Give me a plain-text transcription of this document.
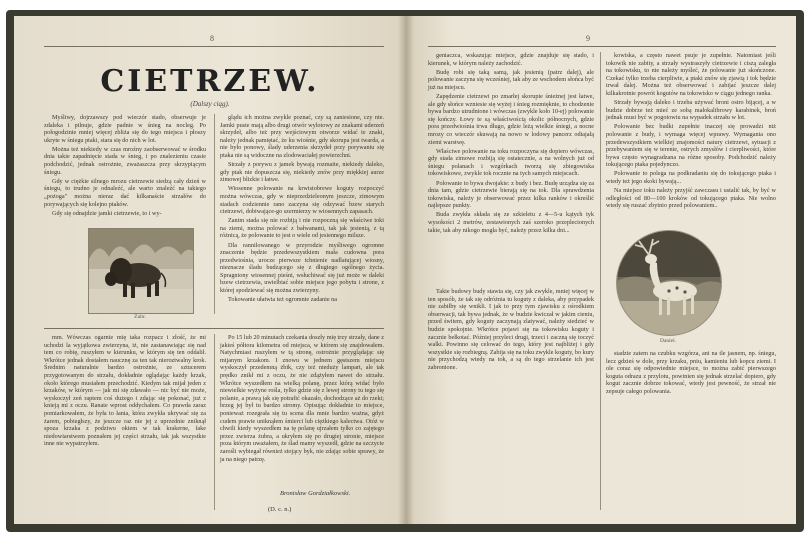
8
CIETRZEW.
(Dalszy ciąg).

Myśliwy, dojrzawszy pod wieczór stado, obserwuje je zdaleka i pilnuje, gdzie padnie w śnieg na nocleg. Po połogodzinie mniej więcej zbliża się do tego miejsca i płoszy ukryte w śniegu ptaki, stara się do nich w lot.

Można też niekiedy w czas mroźny zaobserwować w środku dnia takie zapadnięcie stada w śnieg, i po znalezieniu czasie podchodzić, jednak ostrożnie, zważaszcza przy skrzypiącym śniegu.

Gdy w ciężkie silnego mrozu cietrzewie siedzą cały dzień w śniegu, to trudno je odnaleźć, ale warto znaleźć na takiego „pożoga" można nieraz dać kilkanaście strzałów do porywających się kolejno ptaków.

Gdy się odnajdzie jamki cietrzewie, to i wy-

Żubr.

glądu ich można zwykle poznać, czy są zaniesione, czy nie. Jamki puste mają albo drugi otwór wylotowy ze znakami uderzeń skrzydeł, albo też przy wejściowym otworze widać te znaki, należy jednak pamiętać, że ku wiośnie, gdy skorupa jest twarda, a nie było ponowy, ślady uderzenia skrzydeł przy porywaniu się ptaka nie są widoczne na zlodowaciałej powierzchni.

Strzały z porywu z jamek bywają rozmaite, niekiedy daleko, gdy ptak nie dopuszcza się, niekiedy znów przy miękkiej aurze zimowej blizkie i łatwe.

Wiosenne polowanie na krwistobrewe koguty rozpoczyć można wówczas, gdy w nieprzedzieleonym jeszcze, zimowym stadach codziennie rano zaczyna się odzywać bzew starych cietrzewi, dobiwające-go szermierzy w wiosennych zapasach.

Zanim stada się nie rozbiją i nie rozpoczną się właściwe toki na ziemi, można polować z bałwanami, tak jak jesienią, z tą różnicą, że polowanie to jest o wiele od jesiennego milsze.

Dla rannilowanego w przyrodzie myśliwego ogromne znaczenie będzie przedewszystkiem mała cudowna pora przedwiośnia, urocze pierwsze tchnienie nadlatującej wiosny, nieznacze śladu budzącego się z długiego ogólnego życia. Spragniony wiosennej pieśni, wsłuchiwać się już może w daleki bzew cietrzewia, uwielbiać sobie miejsce jego pobytu i strone, z której spodziewać się można zwierzyny.

Tokowanie ułatwia też ogromnie zadanie na

mm. Wówczas ogarnie mię taka rozpacz i złość, że mi uchodzi la wyjątkowa zwierzyna, iż, nie zastanawiając się nad tem co robię, ruszyłem w kierunku, w którym się ten oddalił. Wkrótce jednak dostałem naucznę za ten tak nieroztwalny krok. Średnim naturalnie bardzo ostrożnie, ze sztucerem przygotowanym do strzału, dokładnie oglądając każdy krzak, około którego musiałem przechodzić. Kiedym tak mijał jeden z krzaków, w którym — jak mi się zdawało — nic być nie może, wyskoczył zeń raptem coś dużego i zdając się pokonać, już z knieją mi z oczu. Ranate wprost oddychałem. Co prawda zaraz pomiarkowałem, że była to łania, która zwykła ukrywać się za żarem, pobiegłszy, że jeszcze raz nie jej z uprzednie zniknął spoza krzaka z podziwu okiem w tak krakerne, fake niedowiarstwem poznałem jej części strzału, tak jak wszystkie inne nie wypatrzyłem.

Po 15 lub 20 minutach czekania doszły mię trzy strzały, dane z jakieś półtora kilometra od miejsca, w którem się znajdowałem. Natychmiast ruszyłem w tą stronę, ostrożnie przyglądając się mijanym krzakom. I znowu w jednem gęstszem miejscu wyskoczył przedemną żbik, czy też nieduży lampart, ale tak prędko znikł mi z oczu, że nie zdążyłem nawet do strzału. Wkrótce wyszedłem na wielką polanę, przez którą widać było niewielkie wyżyne rośla, tylko gdzie się z lewej strony tu tego się polanie, a prawą jak się potrafić okazało, dochodzące aż do rzeki; brzeg jej był tu bardzo stromy. Opisując dokładnie to miejsce, ponieważ rozegrała się tu scena dla mnie bardzo ważna, gdyż cudem prawie uniknąłem śmierci lub ciężkiego kalectwa. Otóż w chwili kiedy wyszedłem na tę polanę ujrzałem tylko co zajętego przez zwierza żubra, a ukryłem się po drugiej stronie, miejsce poza którym uważałem, że ślad mamy wyszedł, gdzie na szczycie zarośli wybiegał również stojący byk, nie zdając sobie sprawy, że ja na niego patrzę.

Bronisław Gordziałkowski.
(D. c. n.)
9

geniaczca, wskazując miejsce, gdzie znajduje się stado, i kierunek, w którym należy zachodzić.

Budę robi się taką samą, jak jesienią (patrz dalej), ale polowanie zaczyna się wcześniej, tak aby ze wschodem słońca być już na miejscu.

Zapędzenie cietrzewi po zmarłej skorupie śnieżnej jest łatwe, ale gdy słońce wzniesie się wyżej i śnieg rozmięknie, to chodzenie bywa bardzo utrudnione i wówczas (zwykle koło 10-ej) polowanie się kończy. Łowy te są właściwością okolic północnych, gdzie pora przedwiośnia trwa długo, gdzie leżą wielkie śniegi, a nocne mrozy co wieczór skuwają na nowo w lodowy pancerz odtajałą ziemi warstwę.

Właściwe polowanie na toku rozpoczyna się dopiero wówczas, gdy stada zimowe rozbiją się ostatecznie, a na wolnych już od śniegu polanach i wzgórkach tworzą się zbiegowiska tokowiskowe, zwykle tok rocznie na tych samych miejscach.

Polowanie to bywa dwojakie: z budy i bez. Budę urządza się za dnia tam, gdzie cietrzewie bierają się na tok. Dla sprawdzenia tokowiska, należy je obserwować przez kilka ranków i określić najlepsze punkty.

Buda zwykła składa się ze szkieletu z 4—5-u kątych tyk wysokości 2 metrów, zestawionych zaś szeroko przeplecionych takie, tak aby nikogo mogła być, należy przez kilka dni...

kowiska, a często nawet psuje je zupełnie. Natomiast jeśli tokowik nie zabity, a strzały wystraszyły cietrzewie i ciszą zaległa na tokowisku, to nie należy myśleć, że polowanie już skończone. Czekać tylko trzeba cierpliwie, a ptaki znów się zjawią i tok będzie trwał dalej. Można też obserwować i zabijać jeszcze dalej kilkakrotnie powrót kogutów na tokowisko w ciągu jednego ranka.

Strzały bywają daleko i trzeba używać broni ostro bijącej, a w budzie dobrze też mieć ze sobą małokalibrowy karabinek, broń jednak musi być w pogotowiu na wypadek strzału w lot.

Polowanie bez budki zupełnie inaczej się prowadzi niż polowanie z budy, i wymaga więcej wprawy. Wymagania ono przedewszystkiem wielkiej znajomości natury cietrzewi, sytuacji z przebywaniem się w terenie, ostrych zmysłów i cierpliwości, które bywa często wynagradzana na różne sposoby. Podchodzić należy tokującego ptaka pojedynczo.

Polowanie to polega na podkradaniu się do tokującego ptaka i wtedy też jego skoki bywają...

Na miejsce toku należy przyjść zawczasu i ustalić tak, by być w odległości od 80—100 kroków od tokującego ptaka. Nie wolno wtedy się ruszać zbytnio przed polowaniem..

Daniel.

Takie budowy budy stawia się, czy jak zwykle, mniej więcej w ten sposób, że tak się odróżnia tu koguty z daleka, aby przypadek nie zabiłby się wnikli. I jak to przy tym zjawisku z ośrodkiem obserwacji, tak bywa jednak, że w budzie kwiczał w jakim cieniu, przed świtem, gdy koguty zaczynają zlatywać, należy siedzieć w budzie spokojnie. Wkrótce pojawi się na tokowisku koguty i zacznie bełkotać. Później przyleci drugi, trzeci i zaczną się toczyć walki. Powinno się celować do tego, który jest najbliżej i gdy wszystkie się rozbiegną. Zabija się na toku zwykle koguty, bo kury nie przychodzą wtedy na tok, a są do tego strzelanie ich jest zabronione.

stadzie zatem na czubku wzgórza, ani na tle jasnem, np. śniegu, lecz gdzieś w dole, przy krzaku, pniu, kamieniu lub kopcu ziemi. I ole coraz się odpowiednie miejsce, to można zabić pierwszego koguta odrazu z przylotu, powinien się jednak strzelać dopiero, gdy kogut zacznie dobrze tokować, wtedy jest pewność, że strzał nie zepsuje całego polowania.
